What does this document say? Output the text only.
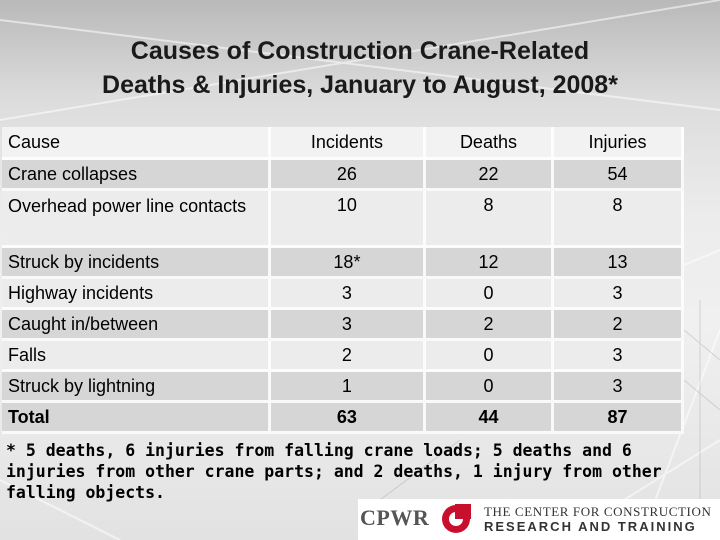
Causes of Construction Crane-Related
Deaths & Injuries, January to August, 2008*
Cause	Incidents	Deaths	Injuries
Crane collapses	26	22	54
Overhead power line contacts	10	8	8
Struck by incidents	18*	12	13
Highway incidents	3	0	3
Caught in/between	3	2	2
Falls	2	0	3
Struck by lightning	1	0	3
Total	63	44	87
* 5 deaths, 6 injuries from falling crane loads; 5 deaths and 6 injuries from other crane parts; and 2 deaths, 1 injury from other falling objects.
CPWR	THE CENTER FOR CONSTRUCTION
RESEARCH AND TRAINING
